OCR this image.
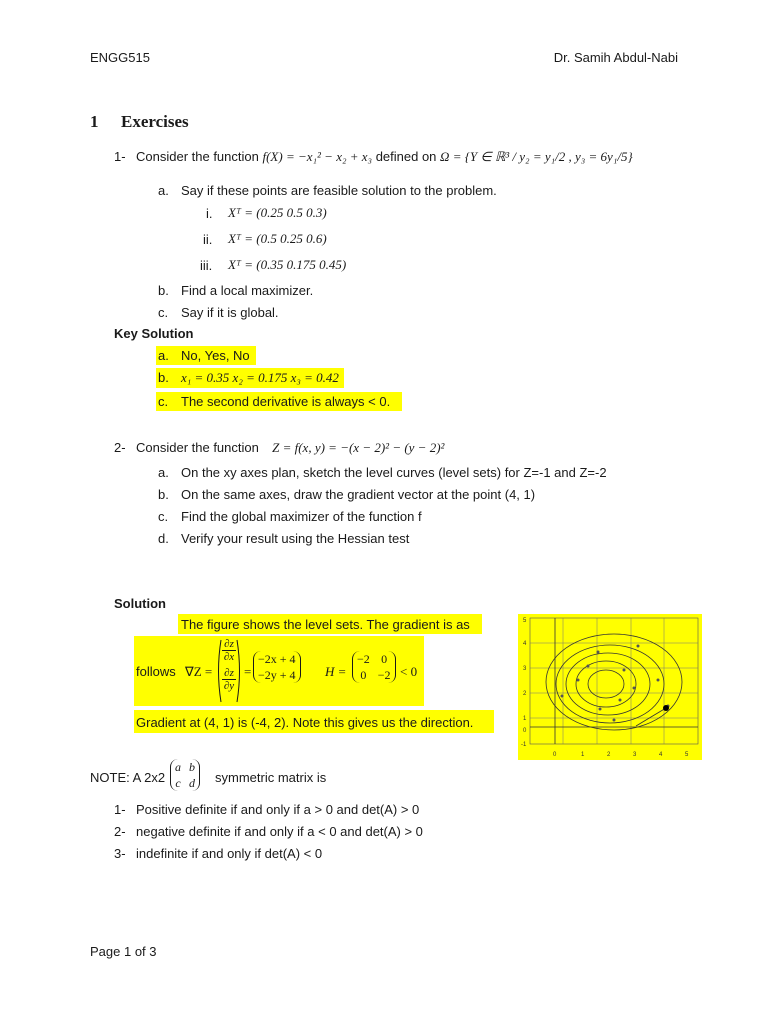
ENGG515	Dr. Samih Abdul-Nabi
1 Exercises
1- Consider the function f(X) = −x₁² − x₂ + x₃ defined on Ω = {Y ∈ ℝ³ / y₂ = y₁/2 , y₃ = 6y₁/5}
a. Say if these points are feasible solution to the problem.
i. Xᵀ = (0.25 0.5 0.3)
ii. Xᵀ = (0.5 0.25 0.6)
iii. Xᵀ = (0.35 0.175 0.45)
b. Find a local maximizer.
c. Say if it is global.
Key Solution
a. No, Yes, No
b. x₁ = 0.35 x₂ = 0.175 x₃ = 0.42
c. The second derivative is always < 0.
2- Consider the function Z = f(x, y) = −(x − 2)² − (y − 2)²
a. On the xy axes plan, sketch the level curves (level sets) for Z=-1 and Z=-2
b. On the same axes, draw the gradient vector at the point (4, 1)
c. Find the global maximizer of the function f
d. Verify your result using the Hessian test
Solution
The figure shows the level sets. The gradient is as
follows ∇Z =
∂z
∂x
∂z
∂y
=
−2x + 4
−2y + 4 H =
−2	0
0	−2 < 0
Gradient at (4, 1) is (-4, 2). Note this gives us the direction.
5
4
3
2
1
0
-1
0	1	2	3	4	5
NOTE: A 2x2
a	b
c	d symmetric matrix is
1- Positive definite if and only if a > 0 and det(A) > 0
2- negative definite if and only if a < 0 and det(A) > 0
3- indefinite if and only if det(A) < 0
Page 1 of 3
